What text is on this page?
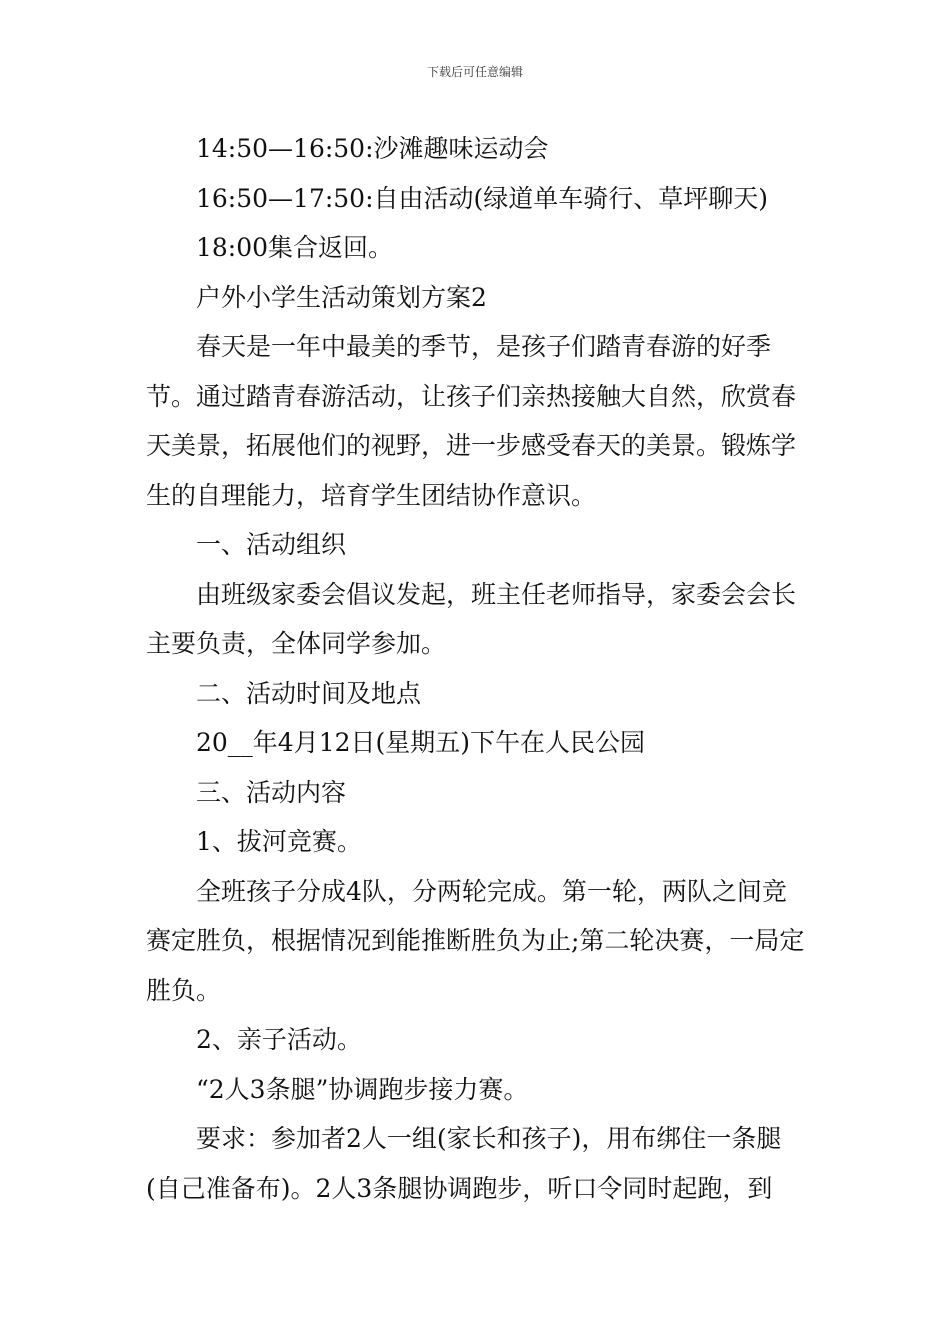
下载后可任意编辑

14:50—16:50:沙滩趣味运动会

16:50—17:50:自由活动(绿道单车骑行、草坪聊天)

18:00集合返回。

户外小学生活动策划方案2

春天是一年中最美的季节，是孩子们踏青春游的好季节。通过踏青春游活动，让孩子们亲热接触大自然，欣赏春天美景，拓展他们的视野，进一步感受春天的美景。锻炼学生的自理能力，培育学生团结协作意识。

一、活动组织

由班级家委会倡议发起，班主任老师指导，家委会会长主要负责，全体同学参加。

二、活动时间及地点

20__年4月12日(星期五)下午在人民公园

三、活动内容

1、拔河竞赛。

全班孩子分成4队，分两轮完成。第一轮，两队之间竞赛定胜负，根据情况到能推断胜负为止;第二轮决赛，一局定胜负。

2、亲子活动。

“2人3条腿”协调跑步接力赛。

要求：参加者2人一组(家长和孩子)，用布绑住一条腿(自己准备布)。2人3条腿协调跑步，听口令同时起跑，到
